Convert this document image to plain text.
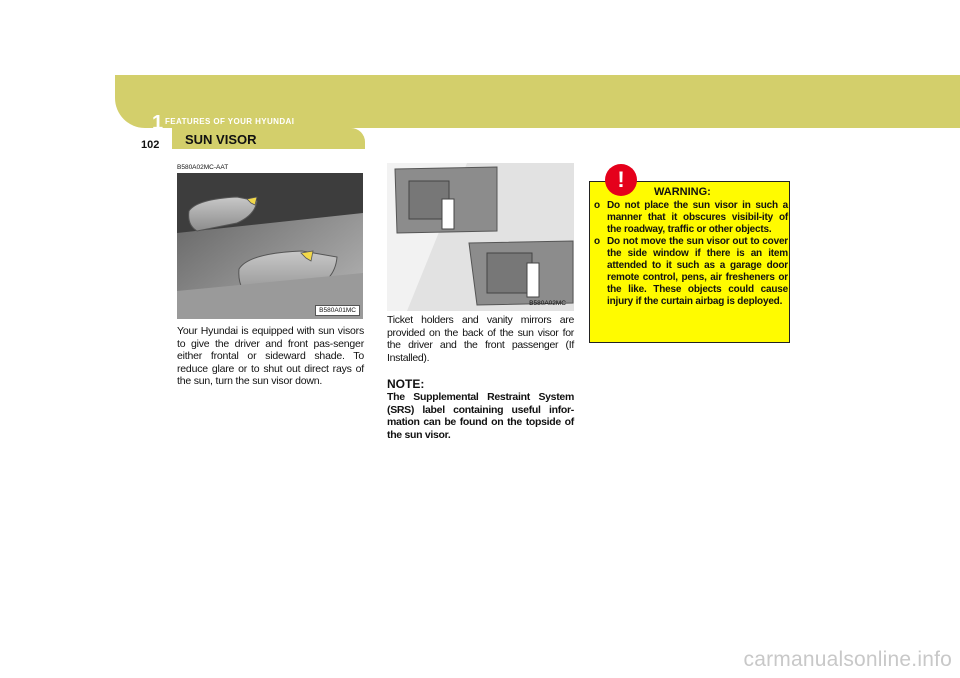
1 FEATURES OF YOUR HYUNDAI
102 SUN VISOR
B580A02MC-AAT
B580A01MC
B580A02MC
Your Hyundai is equipped with sun visors to give the driver and front pas-senger either frontal or sideward shade. To reduce glare or to shut out direct rays of the sun, turn the sun visor down.
Ticket holders and vanity mirrors are provided on the back of the sun visor for the driver and the front passenger (If Installed).
NOTE:
The Supplemental Restraint System (SRS) label containing useful infor-mation can be found on the topside of the sun visor.
!	WARNING:
o Do not place the sun visor in such a manner that it obscures visibil-ity of the roadway, traffic or other objects.
o Do not move the sun visor out to cover the side window if there is an item attended to it such as a garage door remote control, pens, air fresheners or the like. These objects could cause injury if the curtain airbag is deployed.
carmanualsonline.info
